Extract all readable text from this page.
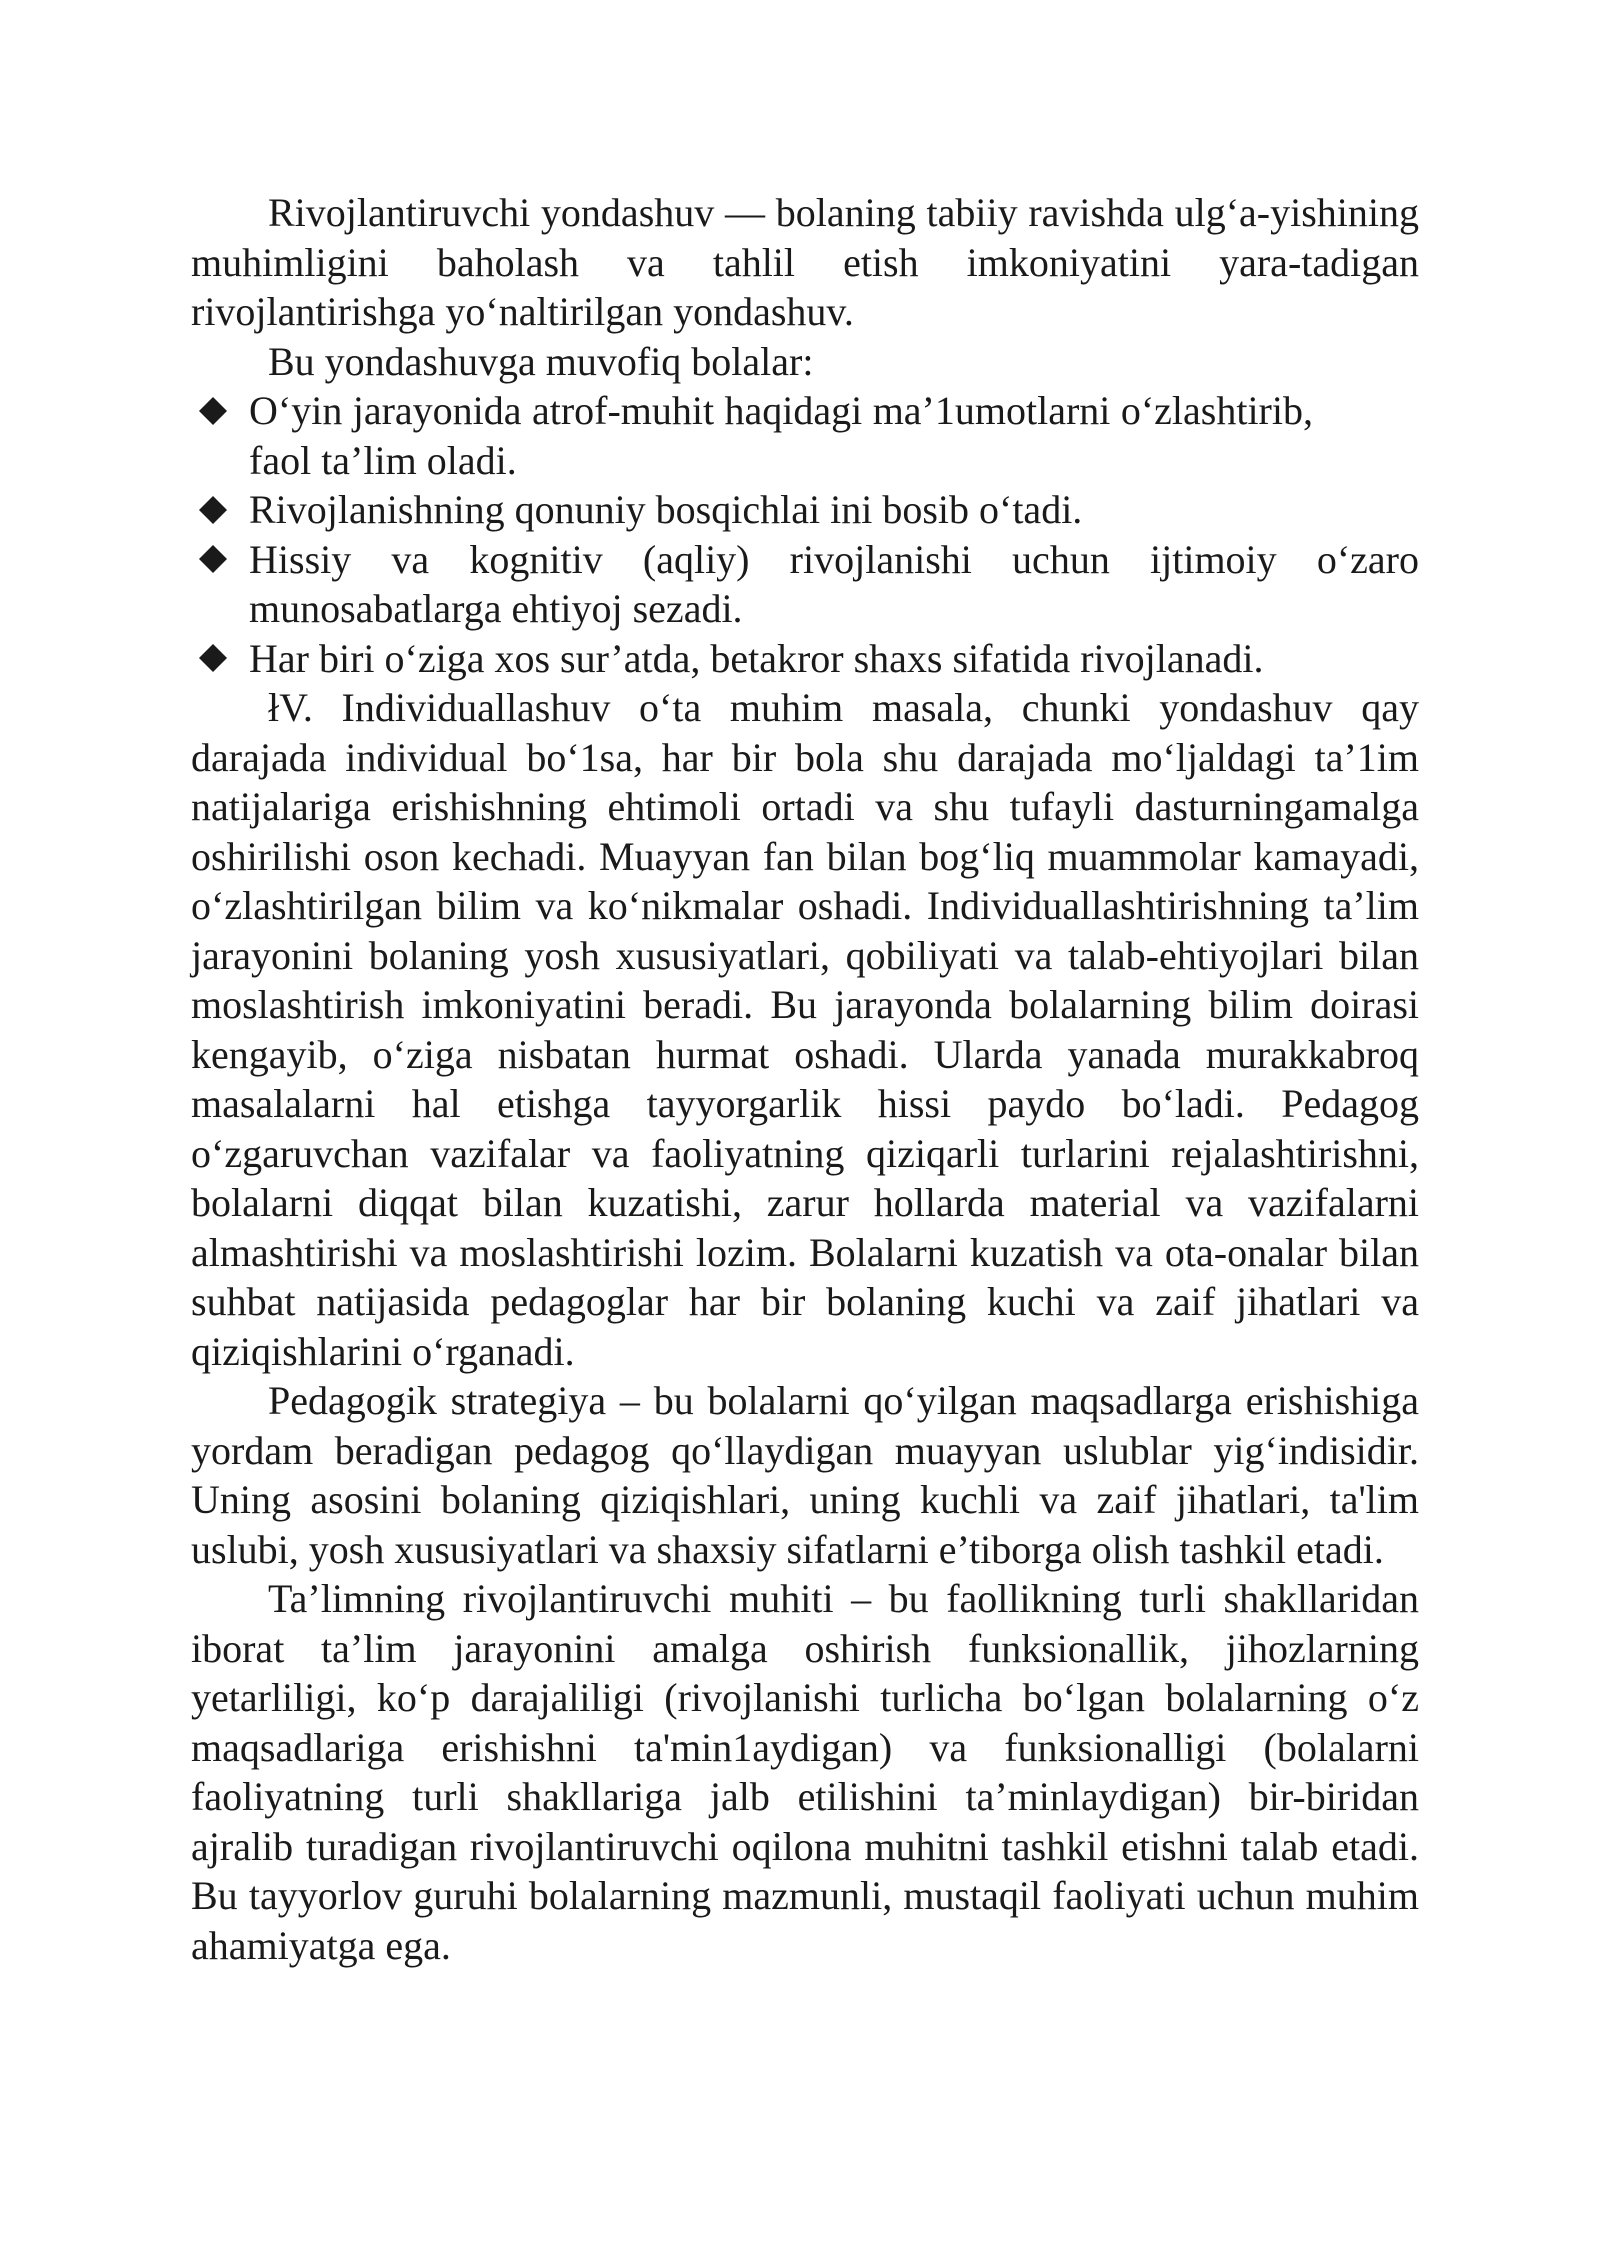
Rivojlantiruvchi yondashuv — bolaning tabiiy ravishda ulg‘a-yishining muhimligini baholash va tahlil etish imkoniyatini yara-tadigan rivojlantirishga yo‘naltirilgan yondashuv.

Bu yondashuvga muvofiq bolalar:

O‘yin jarayonida atrof-muhit haqidagi ma’1umotlarni o‘zlashtirib, faol ta’lim oladi.
Rivojlanishning qonuniy bosqichlai ini bosib o‘tadi.
Hissiy va kognitiv (aqliy) rivojlanishi uchun ijtimoiy o‘zaro munosabatlarga ehtiyoj sezadi.
Har biri o‘ziga xos sur’atda, betakror shaxs sifatida rivojlanadi.

łV. Individuallashuv o‘ta muhim masala, chunki yondashuv qay darajada individual bo‘1sa, har bir bola shu darajada mo‘ljaldagi ta’1im natijalariga erishishning ehtimoli ortadi va shu tufayli dasturningamalga oshirilishi oson kechadi. Muayyan fan bilan bog‘liq muammolar kamayadi, o‘zlashtirilgan bilim va ko‘nikmalar oshadi. Individuallashtirishning ta’lim jarayonini bolaning yosh xususiyatlari, qobiliyati va talab-ehtiyojlari bilan moslashtirish imkoniyatini beradi. Bu jarayonda bolalarning bilim doirasi kengayib, o‘ziga nisbatan hurmat oshadi. Ularda yanada murakkabroq masalalarni hal etishga tayyorgarlik hissi paydo bo‘ladi. Pedagog o‘zgaruvchan vazifalar va faoliyatning qiziqarli turlarini rejalashtirishni, bolalarni diqqat bilan kuzatishi, zarur hollarda material va vazifalarni almashtirishi va moslashtirishi lozim. Bolalarni kuzatish va ota-onalar bilan suhbat natijasida pedagoglar har bir bolaning kuchi va zaif jihatlari va qiziqishlarini o‘rganadi.

Pedagogik strategiya – bu bolalarni qo‘yilgan maqsadlarga erishishiga yordam beradigan pedagog qo‘llaydigan muayyan uslublar yig‘indisidir. Uning asosini bolaning qiziqishlari, uning kuchli va zaif jihatlari, ta'lim uslubi, yosh xususiyatlari va shaxsiy sifatlarni e’tiborga olish tashkil etadi.

Ta’limning rivojlantiruvchi muhiti – bu faollikning turli shakllaridan iborat ta’lim jarayonini amalga oshirish funksionallik, jihozlarning yetarliligi, ko‘p darajaliligi (rivojlanishi turlicha bo‘lgan bolalarning o‘z maqsadlariga erishishni ta'min1aydigan) va funksionalligi (bolalarni faoliyatning turli shakllariga jalb etilishini ta’minlaydigan) bir-biridan ajralib turadigan rivojlantiruvchi oqilona muhitni tashkil etishni talab etadi. Bu tayyorlov guruhi bolalarning mazmunli, mustaqil faoliyati uchun muhim ahamiyatga ega.
